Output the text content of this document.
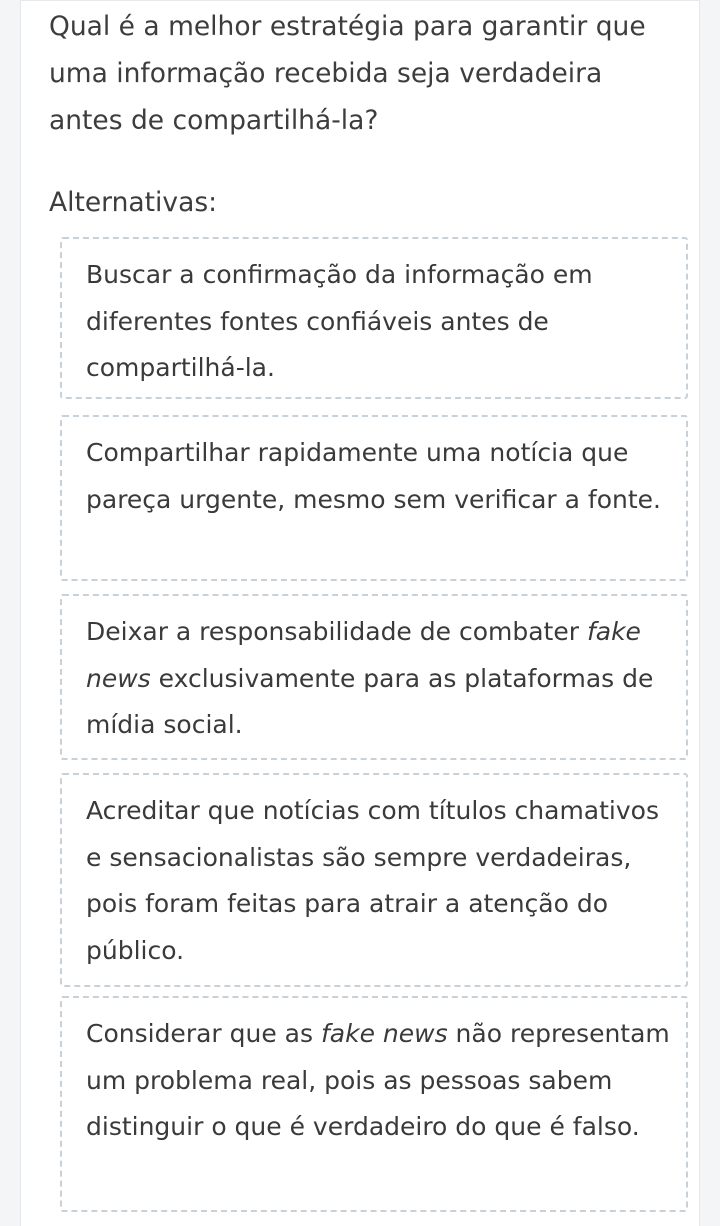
Qual é a melhor estratégia para garantir que uma informação recebida seja verdadeira antes de compartilhá-la?

Alternativas:

Buscar a confirmação da informação em diferentes fontes confiáveis antes de compartilhá-la.
Compartilhar rapidamente uma notícia que pareça urgente, mesmo sem verificar a fonte.
Deixar a responsabilidade de combater fake news exclusivamente para as plataformas de mídia social.
Acreditar que notícias com títulos chamativos e sensacionalistas são sempre verdadeiras, pois foram feitas para atrair a atenção do público.
Considerar que as fake news não representam um problema real, pois as pessoas sabem distinguir o que é verdadeiro do que é falso.
